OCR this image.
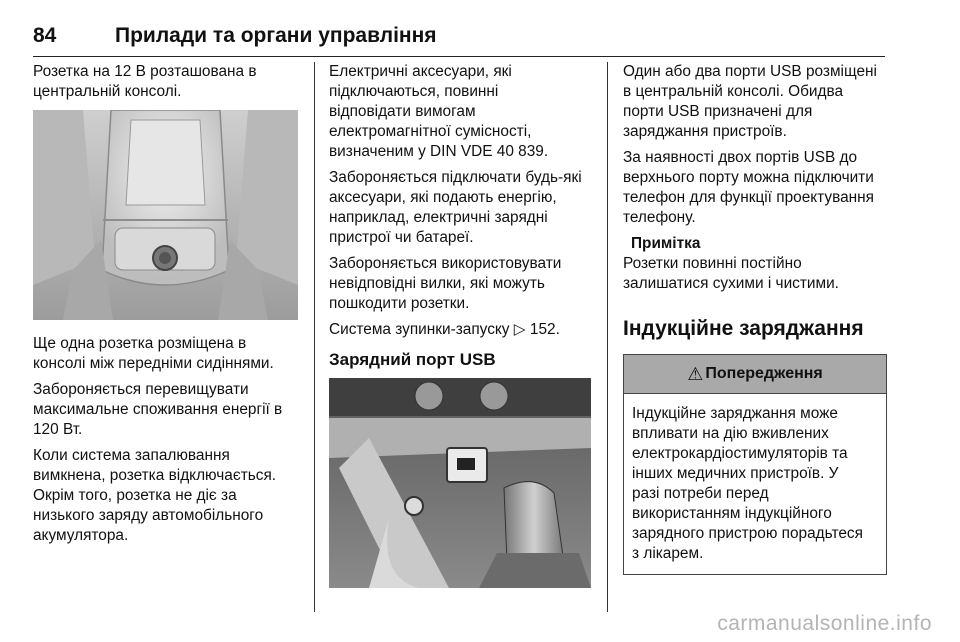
84	Прилади та органи управління

Розетка на 12 В розташована в
центральній консолі.

Ще одна розетка розміщена в
консолі між передніми сидіннями.

Забороняється перевищувати
максимальне споживання енергії в
120 Вт.

Коли система запалювання
вимкнена, розетка відключається.
Окрім того, розетка не діє за
низького заряду автомобільного
акумулятора.

Електричні аксесуари, які
підключаються, повинні
відповідати вимогам
електромагнітної сумісності,
визначеним у DIN VDE 40 839.

Забороняється підключати будь-які
аксесуари, які подають енергію,
наприклад, електричні зарядні
пристрої чи батареї.

Забороняється використовувати
невідповідні вилки, які можуть
пошкодити розетки.

Система зупинки-запуску ▷ 152.

Зарядний порт USB

Один або два порти USB розміщені
в центральній консолі. Обидва
порти USB призначені для
заряджання пристроїв.

За наявності двох портів USB до
верхнього порту можна підключити
телефон для функції проектування
телефону.

Примітка

Розетки повинні постійно
залишатися сухими і чистими.

Індукційне заряджання
⚠ Попередження
Індукційне заряджання може
впливати на дію вживлених
електрокардіостимуляторів та
інших медичних пристроїв. У
разі потреби перед
використанням індукційного
зарядного пристрою порадьтеся
з лікарем.
carmanualsonline.info
